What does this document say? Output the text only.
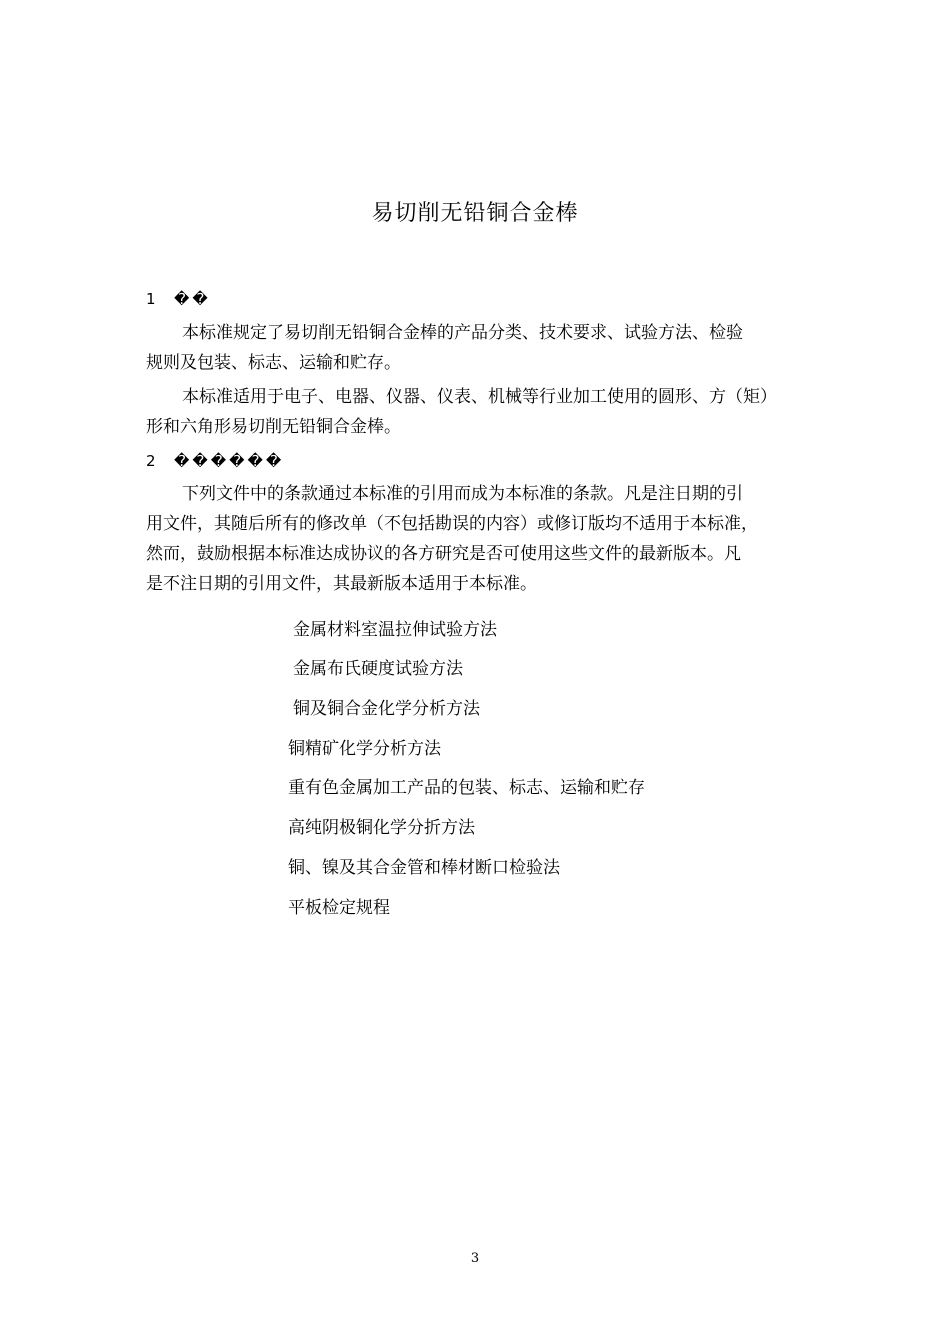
易切削无铅铜合金棒
1 ��
本标准规定了易切削无铅铜合金棒的产品分类、技术要求、试验方法、检验
规则及包装、标志、运输和贮存。
本标准适用于电子、电器、仪器、仪表、机械等行业加工使用的圆形、方（矩）
形和六角形易切削无铅铜合金棒。
2 ������
下列文件中的条款通过本标准的引用而成为本标准的条款。凡是注日期的引
用文件，其随后所有的修改单（不包括勘误的内容）或修订版均不适用于本标准，
然而，鼓励根据本标准达成协议的各方研究是否可使用这些文件的最新版本。凡
是不注日期的引用文件，其最新版本适用于本标准。
金属材料室温拉伸试验方法
金属布氏硬度试验方法
铜及铜合金化学分析方法
铜精矿化学分析方法
重有色金属加工产品的包装、标志、运输和贮存
高纯阴极铜化学分折方法
铜、镍及其合金管和棒材断口检验法
平板检定规程
3
